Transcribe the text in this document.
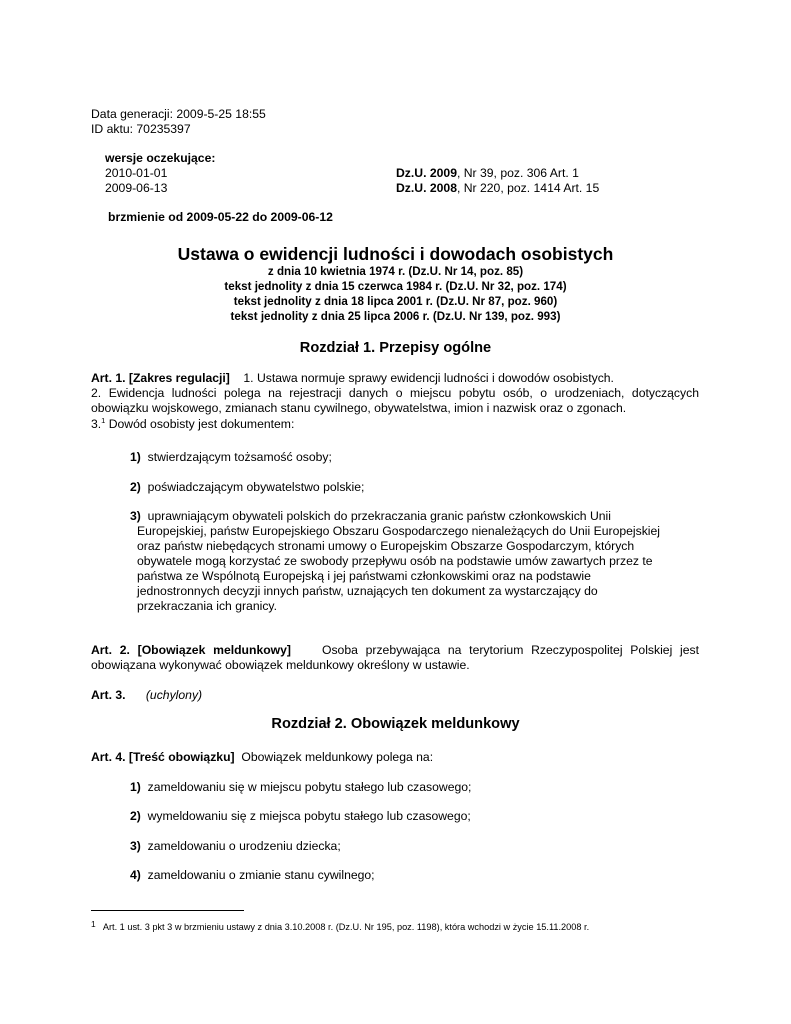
Data generacji: 2009-5-25 18:55
ID aktu: 70235397
wersje oczekujące:
2010-01-01	Dz.U. 2009, Nr 39, poz. 306 Art. 1
2009-06-13	Dz.U. 2008, Nr 220, poz. 1414 Art. 15
brzmienie od 2009-05-22 do 2009-06-12
Ustawa o ewidencji ludności i dowodach osobistych
z dnia 10 kwietnia 1974 r. (Dz.U. Nr 14, poz. 85)
tekst jednolity z dnia 15 czerwca 1984 r. (Dz.U. Nr 32, poz. 174)
tekst jednolity z dnia 18 lipca 2001 r. (Dz.U. Nr 87, poz. 960)
tekst jednolity z dnia 25 lipca 2006 r. (Dz.U. Nr 139, poz. 993)
Rozdział 1. Przepisy ogólne
Art. 1. [Zakres regulacji] 1. Ustawa normuje sprawy ewidencji ludności i dowodów osobistych.
2. Ewidencja ludności polega na rejestracji danych o miejscu pobytu osób, o urodzeniach, dotyczących
obowiązku wojskowego, zmianach stanu cywilnego, obywatelstwa, imion i nazwisk oraz o zgonach.
3.$^1$ Dowód osobisty jest dokumentem:
1) stwierdzającym tożsamość osoby;
2) poświadczającym obywatelstwo polskie;
3) uprawniającym obywateli polskich do przekraczania granic państw członkowskich Unii
Europejskiej, państw Europejskiego Obszaru Gospodarczego nienależących do Unii Europejskiej
oraz państw niebędących stronami umowy o Europejskim Obszarze Gospodarczym, których
obywatele mogą korzystać ze swobody przepływu osób na podstawie umów zawartych przez te
państwa ze Wspólnotą Europejską i jej państwami członkowskimi oraz na podstawie
jednostronnych decyzji innych państw, uznających ten dokument za wystarczający do
przekraczania ich granicy.
Art. 2. [Obowiązek meldunkowy]	Osoba przebywająca na terytorium Rzeczypospolitej Polskiej jest
obowiązana wykonywać obowiązek meldunkowy określony w ustawie.
Art. 3. (uchylony)
Rozdział 2. Obowiązek meldunkowy
Art. 4. [Treść obowiązku] Obowiązek meldunkowy polega na:
1) zameldowaniu się w miejscu pobytu stałego lub czasowego;
2) wymeldowaniu się z miejsca pobytu stałego lub czasowego;
3) zameldowaniu o urodzeniu dziecka;
4) zameldowaniu o zmianie stanu cywilnego;
1 Art. 1 ust. 3 pkt 3 w brzmieniu ustawy z dnia 3.10.2008 r. (Dz.U. Nr 195, poz. 1198), która wchodzi w życie 15.11.2008 r.
